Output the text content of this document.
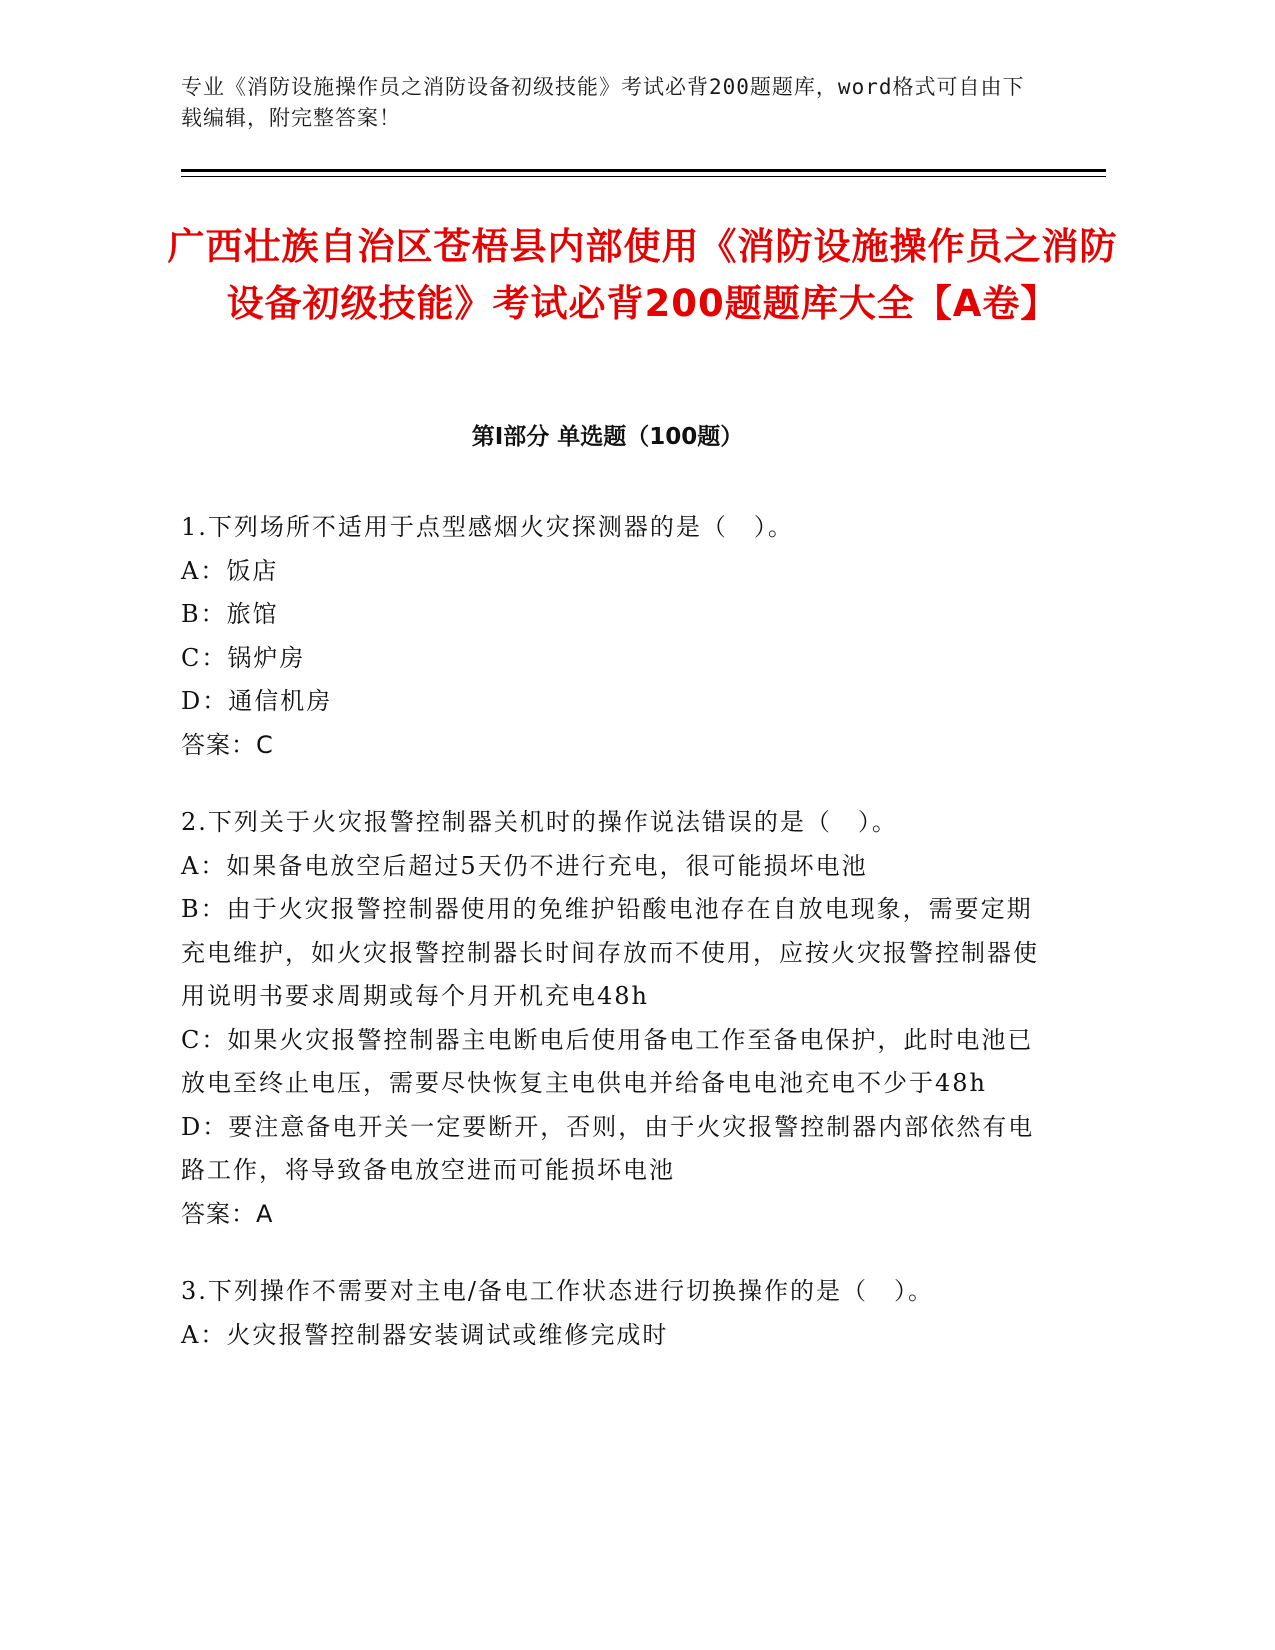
专业《消防设施操作员之消防设备初级技能》考试必背200题题库，word格式可自由下载编辑，附完整答案！
广西壮族自治区苍梧县内部使用《消防设施操作员之消防设备初级技能》考试必背200题题库大全【A卷】
第Ⅰ部分 单选题（100题）
1.下列场所不适用于点型感烟火灾探测器的是（　）。
A：饭店
B：旅馆
C：锅炉房
D：通信机房
答案：C
2.下列关于火灾报警控制器关机时的操作说法错误的是（　）。
A：如果备电放空后超过5天仍不进行充电，很可能损坏电池
B：由于火灾报警控制器使用的免维护铅酸电池存在自放电现象，需要定期充电维护，如火灾报警控制器长时间存放而不使用，应按火灾报警控制器使用说明书要求周期或每个月开机充电48h
C：如果火灾报警控制器主电断电后使用备电工作至备电保护，此时电池已放电至终止电压，需要尽快恢复主电供电并给备电电池充电不少于48h
D：要注意备电开关一定要断开，否则，由于火灾报警控制器内部依然有电路工作，将导致备电放空进而可能损坏电池
答案：A
3.下列操作不需要对主电/备电工作状态进行切换操作的是（　）。
A：火灾报警控制器安装调试或维修完成时
